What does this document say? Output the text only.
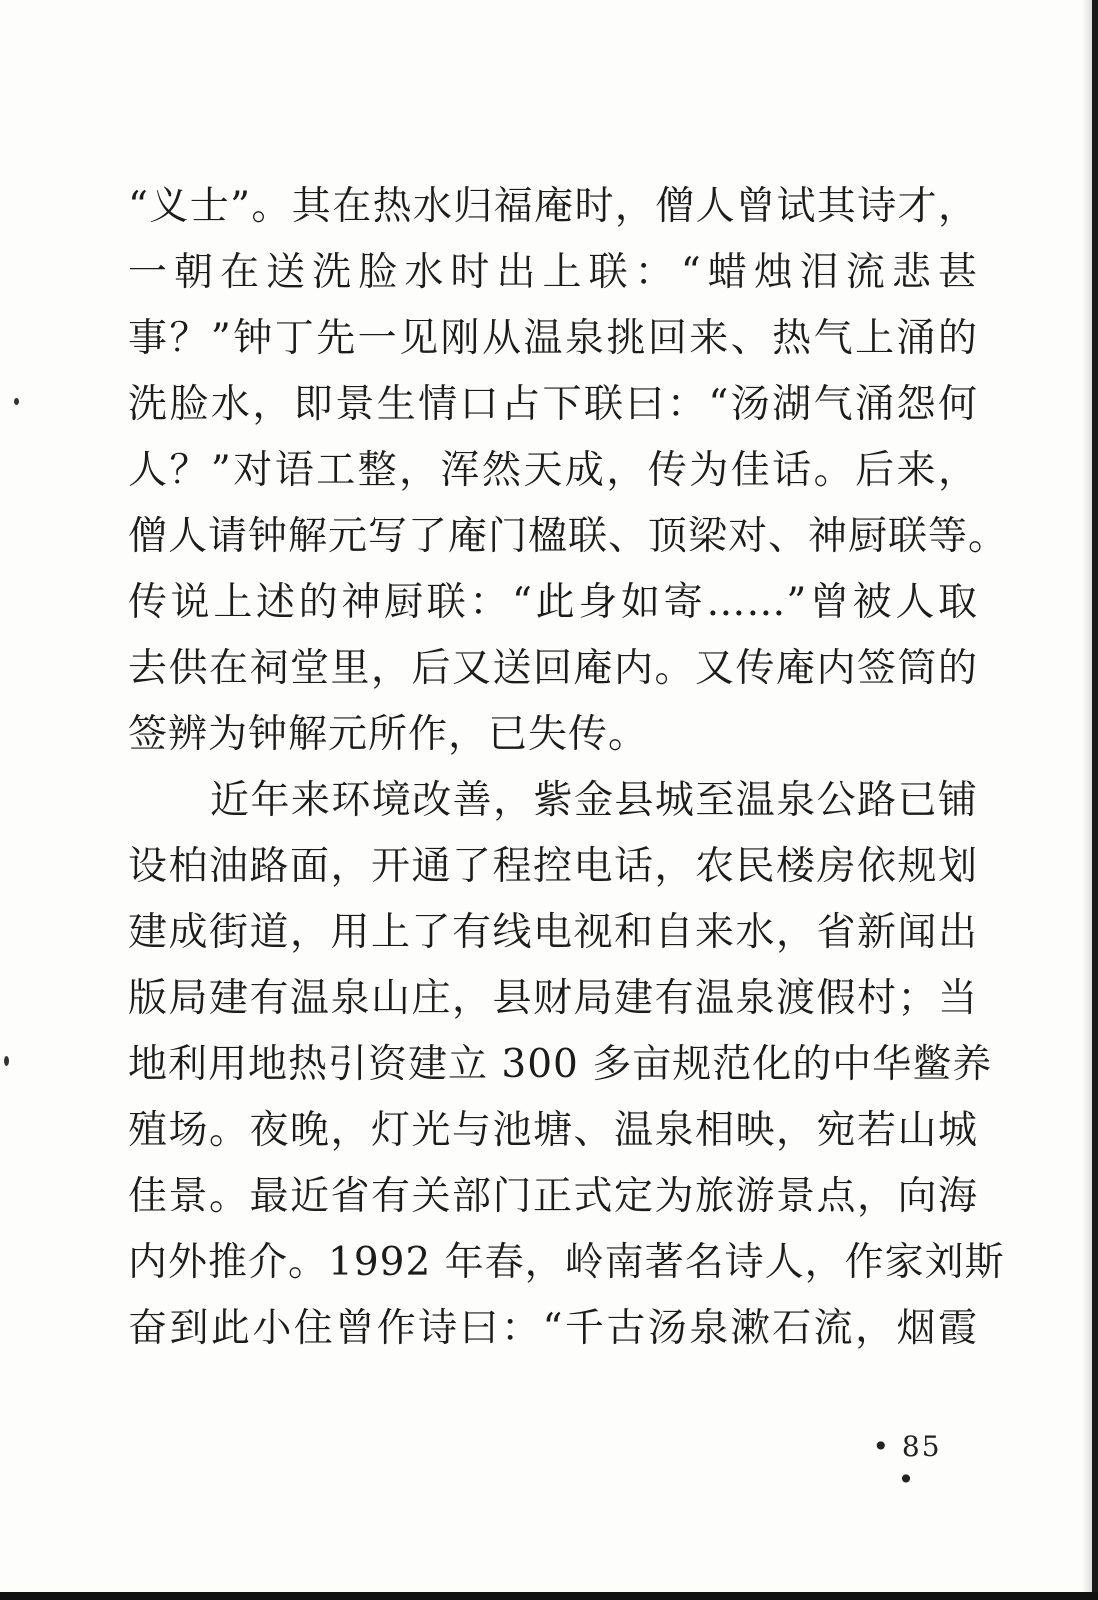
“义士”。其在热水归福庵时，僧人曾试其诗才，
一朝在送洗脸水时出上联：“蜡烛泪流悲甚
事？”钟丁先一见刚从温泉挑回来、热气上涌的
洗脸水，即景生情口占下联曰：“汤湖气涌怨何
人？”对语工整，浑然天成，传为佳话。后来，
僧人请钟解元写了庵门楹联、顶梁对、神厨联等。
传说上述的神厨联：“此身如寄……”曾被人取
去供在祠堂里，后又送回庵内。又传庵内签筒的
签辨为钟解元所作，已失传。
近年来环境改善，紫金县城至温泉公路已铺
设柏油路面，开通了程控电话，农民楼房依规划
建成街道，用上了有线电视和自来水，省新闻出
版局建有温泉山庄，县财局建有温泉渡假村；当
地利用地热引资建立 300 多亩规范化的中华鳖养
殖场。夜晚，灯光与池塘、温泉相映，宛若山城
佳景。最近省有关部门正式定为旅游景点，向海
内外推介。1992 年春，岭南著名诗人，作家刘斯
奋到此小住曾作诗曰：“千古汤泉漱石流，烟霞
• 85 •
